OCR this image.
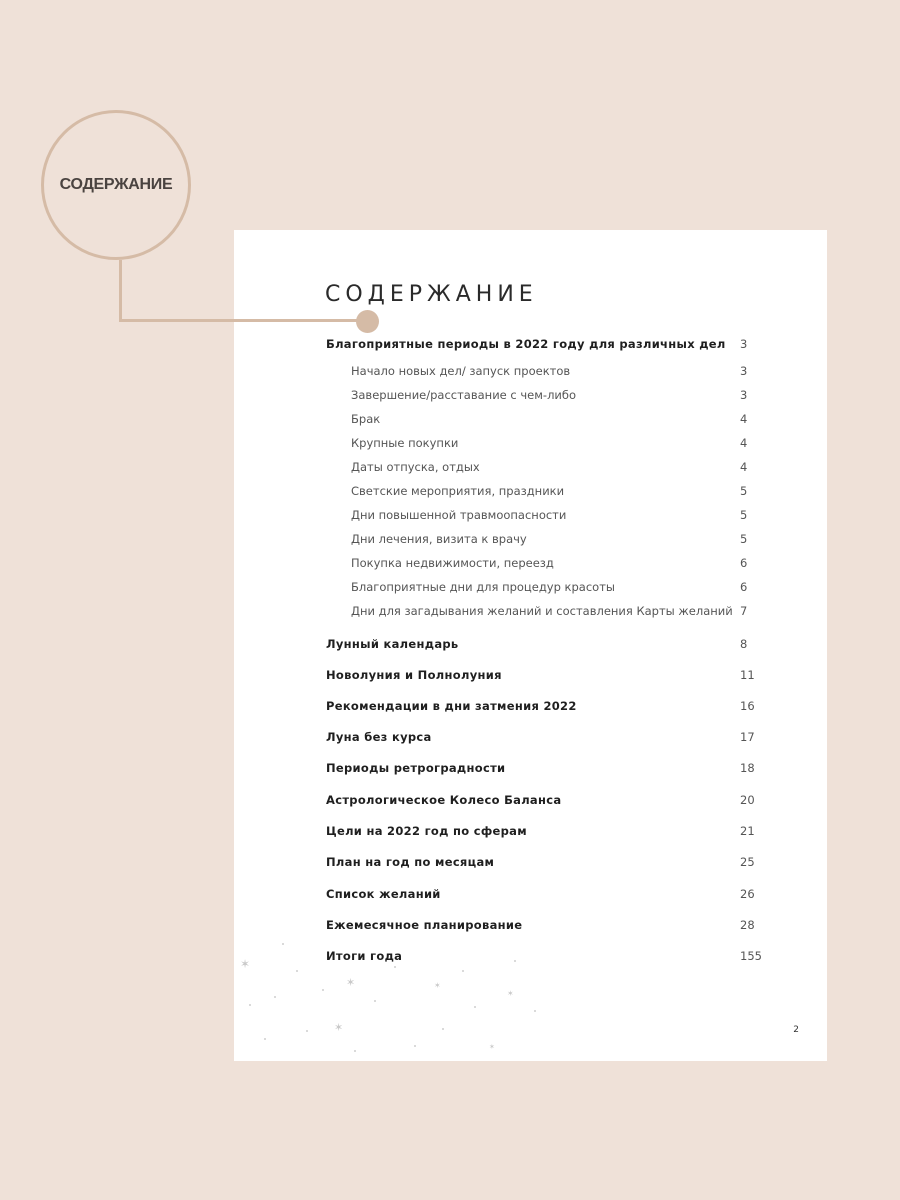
СОДЕРЖАНИЕ
СОДЕРЖАНИЕ
Благоприятные периоды в 2022 году для различных дел 3
Начало новых дел/ запуск проектов	3
Завершение/расставание с чем-либо	3
Брак	4
Крупные покупки	4
Даты отпуска, отдых	4
Светские мероприятия, праздники	5
Дни повышенной травмоопасности	5
Дни лечения, визита к врачу	5
Покупка недвижимости, переезд	6
Благоприятные дни для процедур красоты	6
Дни для загадывания желаний и составления Карты желаний 7
Лунный календарь	8
Новолуния и Полнолуния	11
Рекомендации в дни затмения 2022	16
Луна без курса	17
Периоды ретроградности	18
Астрологическое Колесо Баланса	20
Цели на 2022 год по сферам	21
План на год по месяцам	25
Список желаний	26
Ежемесячное планирование	28
Итоги года	155
✶
✶
✶
✶
✶
✶
2
